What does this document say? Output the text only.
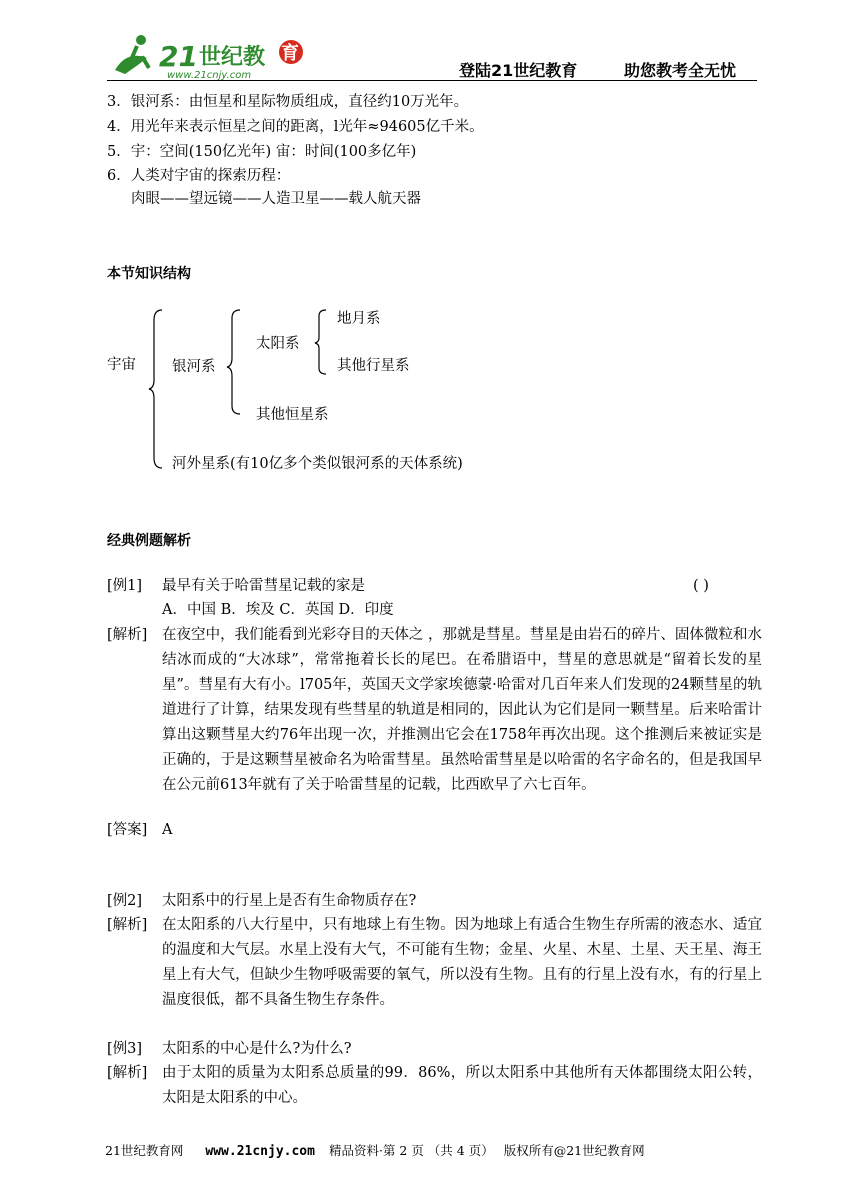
21 世纪教 育
www.21cnjy.com	登陆21世纪教育	助您教考全无忧
3．银河系：由恒星和星际物质组成，直径约10万光年。
4．用光年来表示恒星之间的距离，l光年≈94605亿千米。
5．宇：空间(150亿光年) 宙：时间(100多亿年)
6．人类对宇宙的探索历程：
肉眼——望远镜——人造卫星——载人航天器
本节知识结构
宇宙 银河系
太阳系
地月系
其他行星系
其他恒星系
河外星系(有10亿多个类似银河系的天体系统)
经典例题解析
[例1] 最早有关于哈雷彗星记载的家是	( )
A．中国 B．埃及 C．英国 D．印度
[解析] 在夜空中，我们能看到光彩夺目的天体之 ，那就是彗星。彗星是由岩石的碎片、固体微粒和水结冰而成的“大冰球”，常常拖着长长的尾巴。在希腊语中，彗星的意思就是“留着长发的星星”。彗星有大有小。l705年，英国天文学家埃德蒙·哈雷对几百年来人们发现的24颗彗星的轨道进行了计算，结果发现有些彗星的轨道是相同的，因此认为它们是同一颗彗星。后来哈雷计算出这颗彗星大约76年出现一次，并推测出它会在1758年再次出现。这个推测后来被证实是正确的，于是这颗彗星被命名为哈雷彗星。虽然哈雷彗星是以哈雷的名字命名的，但是我国早在公元前613年就有了关于哈雷彗星的记载，比西欧早了六七百年。
[答案] A
[例2] 太阳系中的行星上是否有生命物质存在?
[解析] 在太阳系的八大行星中，只有地球上有生物。因为地球上有适合生物生存所需的液态水、适宜的温度和大气层。水星上没有大气，不可能有生物；金星、火星、木星、土星、天王星、海王星上有大气，但缺少生物呼吸需要的氧气，所以没有生物。且有的行星上没有水，有的行星上温度很低，都不具备生物生存条件。
[例3] 太阳系的中心是什么?为什么?
[解析] 由于太阳的质量为太阳系总质量的99．86%，所以太阳系中其他所有天体都围绕太阳公转，太阳是太阳系的中心。
21世纪教育网 www.21cnjy.com 精品资料·第 2 页 （共 4 页） 版权所有@21世纪教育网
